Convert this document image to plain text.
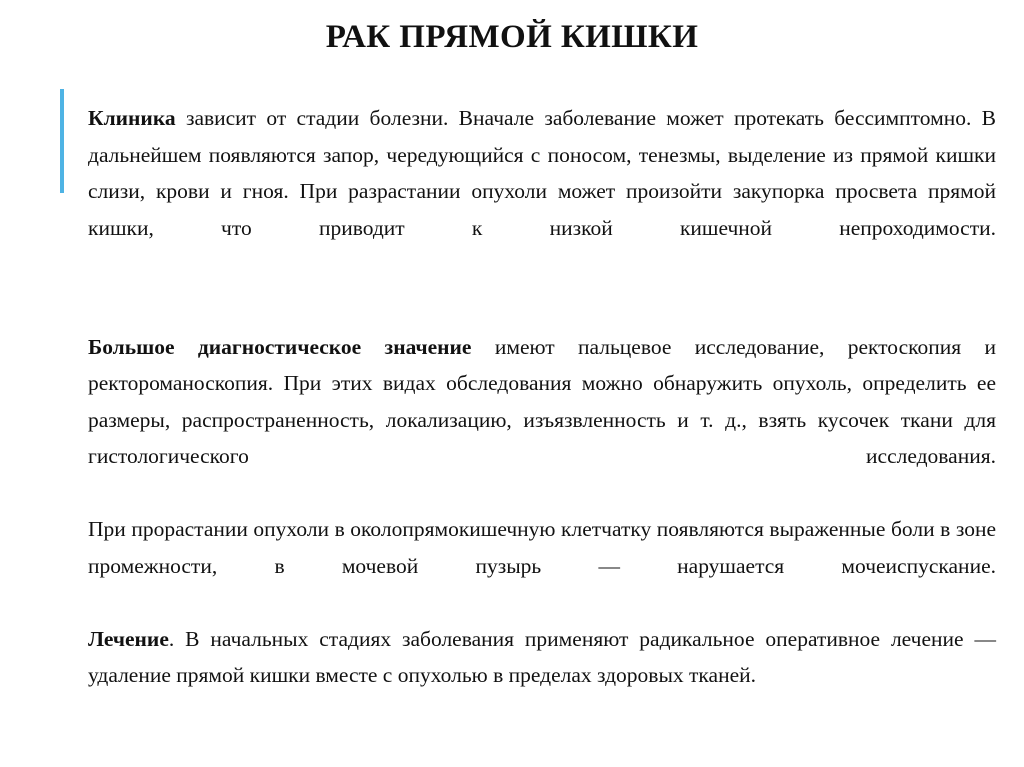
РАК ПРЯМОЙ КИШКИ

Клиника зависит от стадии болезни. Вначале заболевание может протекать бессимптомно. В дальнейшем появляются запор, чередующийся с поносом, тенезмы, выделение из прямой кишки слизи, крови и гноя. При разрастании опухоли может произойти закупорка просвета прямой кишки, что приводит к низкой кишечной непроходимости.

Большое диагностическое значение имеют пальцевое исследование, ректоскопия и ректороманоскопия. При этих видах обследования можно обнаружить опухоль, определить ее размеры, распространенность, локализацию, изъязвленность и т. д., взять кусочек ткани для гистологического исследования.

При прорастании опухоли в околопрямокишечную клетчатку появляются выраженные боли в зоне промежности, в мочевой пузырь — нарушается мочеиспускание.

Лечение. В начальных стадиях заболевания применяют радикальное оперативное лечение — удаление прямой кишки вместе с опухолью в пределах здоровых тканей.
